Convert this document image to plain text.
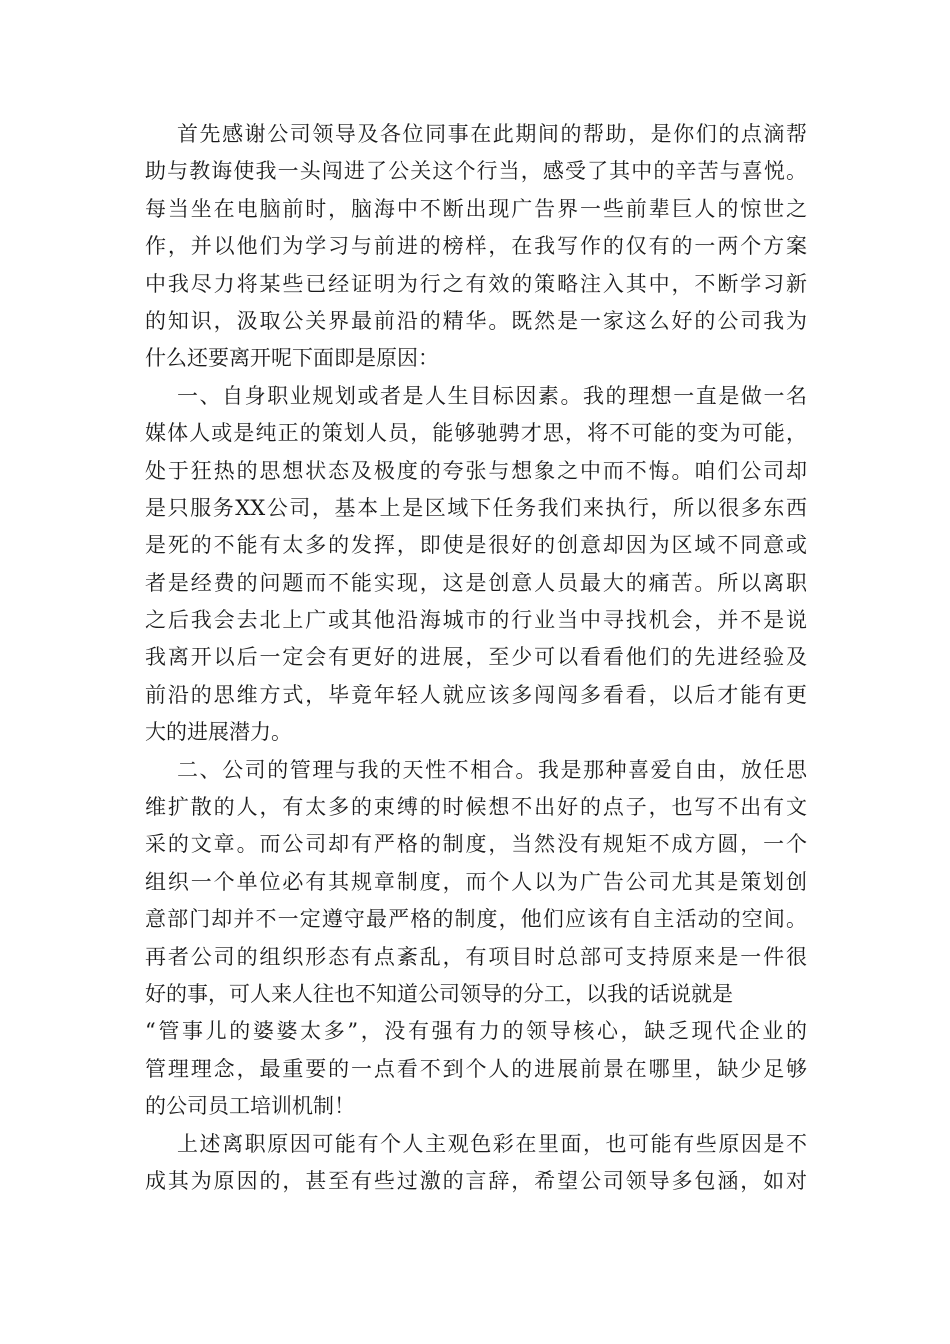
首先感谢公司领导及各位同事在此期间的帮助，是你们的点滴帮
助与教诲使我一头闯进了公关这个行当，感受了其中的辛苦与喜悦。
每当坐在电脑前时，脑海中不断出现广告界一些前辈巨人的惊世之
作，并以他们为学习与前进的榜样，在我写作的仅有的一两个方案
中我尽力将某些已经证明为行之有效的策略注入其中，不断学习新
的知识，汲取公关界最前沿的精华。既然是一家这么好的公司我为
什么还要离开呢下面即是原因：
一、自身职业规划或者是人生目标因素。我的理想一直是做一名
媒体人或是纯正的策划人员，能够驰骋才思，将不可能的变为可能，
处于狂热的思想状态及极度的夸张与想象之中而不悔。咱们公司却
是只服务XX公司，基本上是区域下任务我们来执行，所以很多东西
是死的不能有太多的发挥，即使是很好的创意却因为区域不同意或
者是经费的问题而不能实现，这是创意人员最大的痛苦。所以离职
之后我会去北上广或其他沿海城市的行业当中寻找机会，并不是说
我离开以后一定会有更好的进展，至少可以看看他们的先进经验及
前沿的思维方式，毕竟年轻人就应该多闯闯多看看，以后才能有更
大的进展潜力。
二、公司的管理与我的天性不相合。我是那种喜爱自由，放任思
维扩散的人，有太多的束缚的时候想不出好的点子，也写不出有文
采的文章。而公司却有严格的制度，当然没有规矩不成方圆，一个
组织一个单位必有其规章制度，而个人以为广告公司尤其是策划创
意部门却并不一定遵守最严格的制度，他们应该有自主活动的空间。
再者公司的组织形态有点紊乱，有项目时总部可支持原来是一件很
好的事，可人来人往也不知道公司领导的分工，以我的话说就是
“管事儿的婆婆太多”，没有强有力的领导核心，缺乏现代企业的
管理理念，最重要的一点看不到个人的进展前景在哪里，缺少足够
的公司员工培训机制！
上述离职原因可能有个人主观色彩在里面，也可能有些原因是不
成其为原因的，甚至有些过激的言辞，希望公司领导多包涵，如对
